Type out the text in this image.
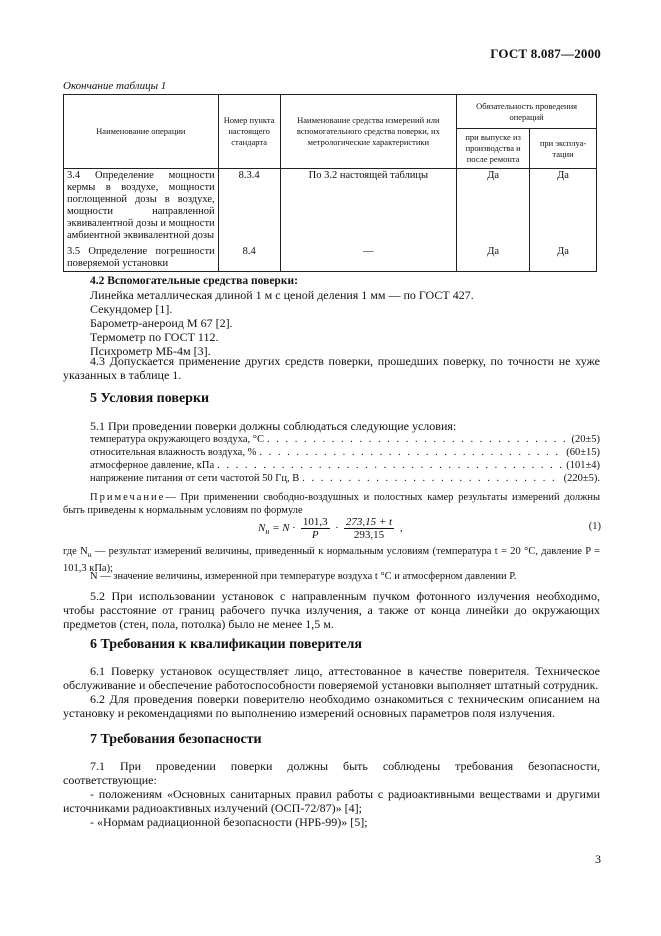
ГОСТ 8.087—2000
Окончание таблицы 1
Наименование операции	Номер пункта настоящего стандарта	Наименование средства измерений или вспомогательного средства поверки, их метрологические характеристики	Обязательность проведения операций	
			при выпуске из производства и после ремонта	при эксплуатации
3.4 Определение мощности кермы в воздухе, мощности поглощенной дозы в воздухе, мощности направленной эквивалентной дозы и мощности амбиентной эквивалентной дозы	8.3.4	По 3.2 настоящей таблицы	Да	Да
3.5 Определение погрешности поверяемой установки	8.4	—	Да	Да
4.2 Вспомогательные средства поверки:
Линейка металлическая длиной 1 м с ценой деления 1 мм — по ГОСТ 427.
Секундомер [1].
Барометр-анероид М 67 [2].
Термометр по ГОСТ 112.
Психрометр МБ-4м [3].
4.3 Допускается применение других средств поверки, прошедших поверку, по точности не хуже указанных в таблице 1.
5 Условия поверки
5.1 При проведении поверки должны соблюдаться следующие условия:
температура окружающего воздуха, °С . . .	(20±5)
относительная влажность воздуха, % . . .	(60±15)
атмосферное давление, кПа . . .	(101±4)
напряжение питания от сети частотой 50 Гц, В . . .	(220±5).
Примечание— При применении свободно-воздушных и полостных камер результаты измерений должны быть приведены к нормальным условиям по формуле
$N_н = N \cdot \frac{101,3}{P} \cdot \frac{273,15 + t}{293,15}$ ,	(1)
где $N_н$ — результат измерений величины, приведенный к нормальным условиям (температура t = 20 °С, давление P = 101,3 кПа);
N — значение величины, измеренной при температуре воздуха t °С и атмосферном давлении P.
5.2 При использовании установок с направленным пучком фотонного излучения необходимо, чтобы расстояние от границ рабочего пучка излучения, а также от конца линейки до окружающих предметов (стен, пола, потолка) было не менее 1,5 м.
6 Требования к квалификации поверителя
6.1 Поверку установок осуществляет лицо, аттестованное в качестве поверителя. Техническое обслуживание и обеспечение работоспособности поверяемой установки выполняет штатный сотрудник.
6.2 Для проведения поверки поверителю необходимо ознакомиться с техническим описанием на установку и рекомендациями по выполнению измерений основных параметров поля излучения.
7 Требования безопасности
7.1 При проведении поверки должны быть соблюдены требования безопасности, соответствующие:
- положениям «Основных санитарных правил работы с радиоактивными веществами и другими источниками радиоактивных излучений (ОСП-72/87)» [4];
- «Нормам радиационной безопасности (НРБ-99)» [5];
3
